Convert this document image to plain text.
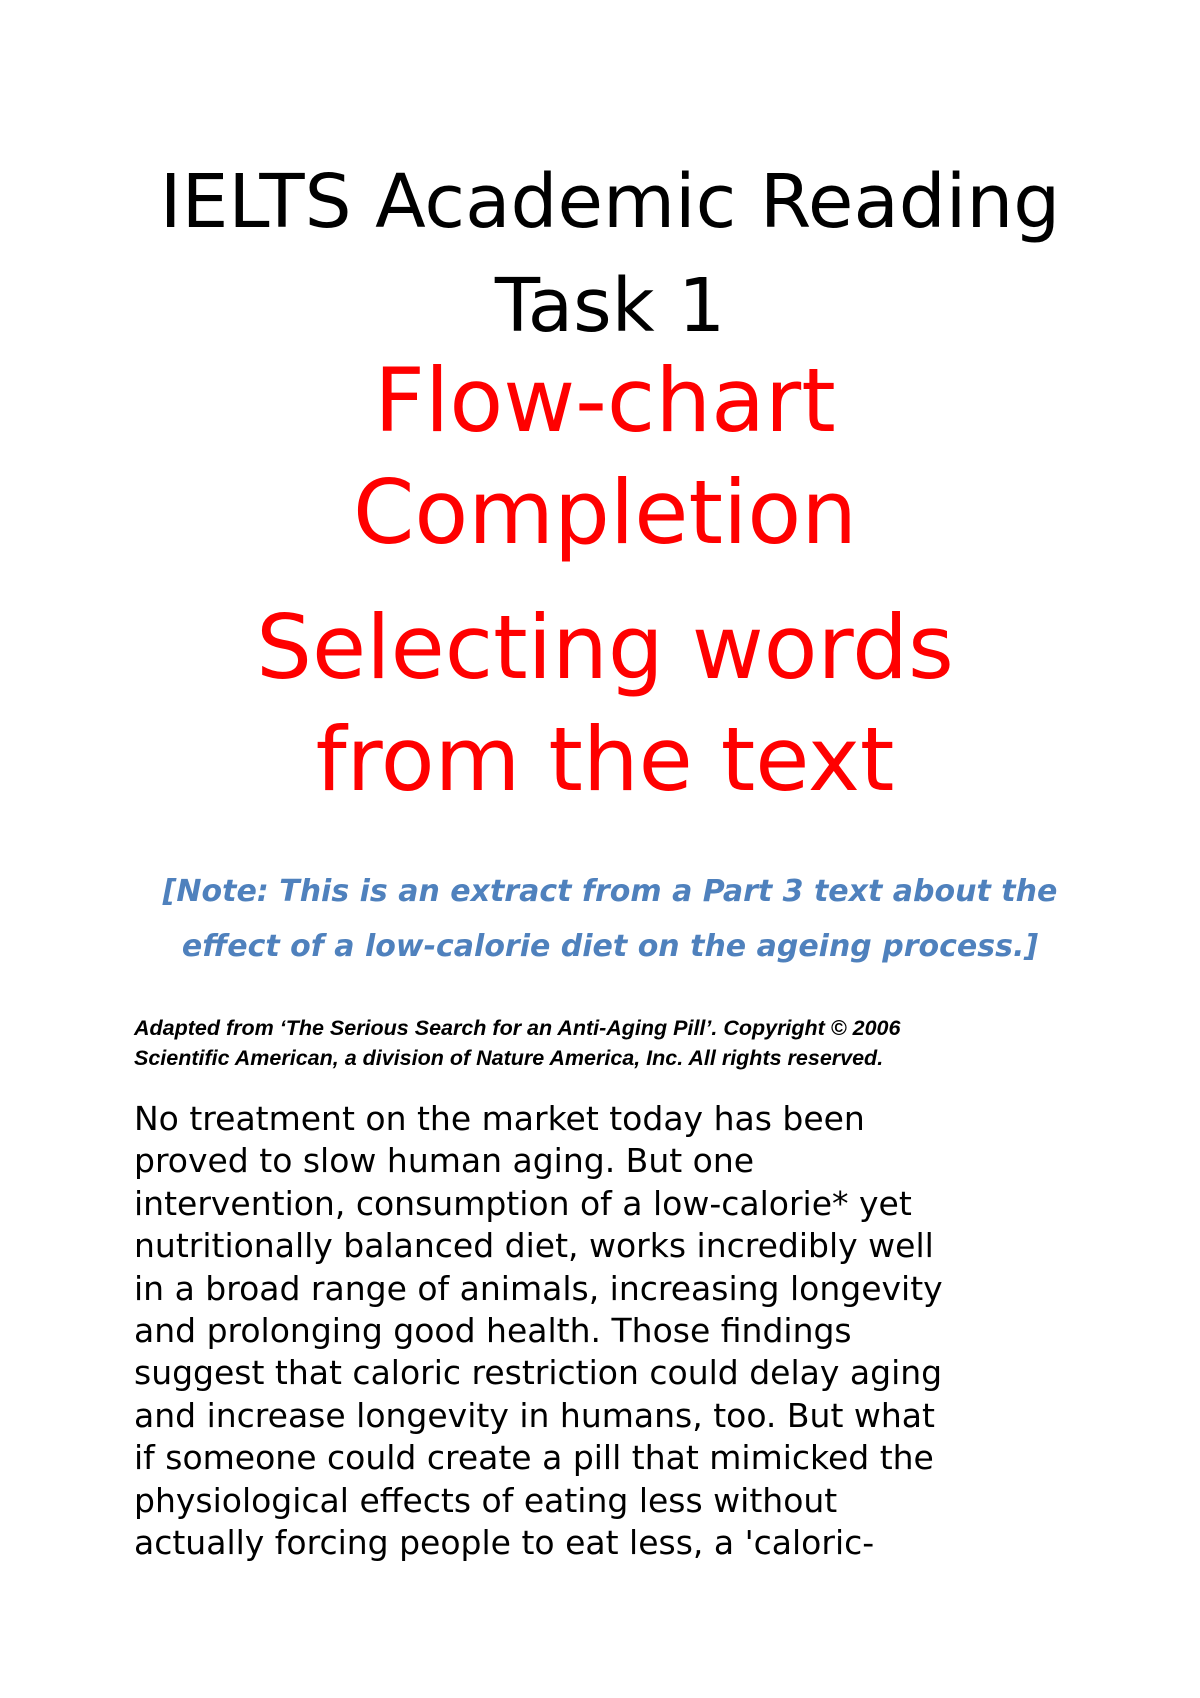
IELTS Academic Reading
Task 1
Flow-chart
Completion
Selecting words
from the text
[Note: This is an extract from a Part 3 text about the
effect of a low-calorie diet on the ageing process.]
Adapted from ‘The Serious Search for an Anti-Aging Pill’. Copyright © 2006
Scientific American, a division of Nature America, Inc. All rights reserved.
No treatment on the market today has been
proved to slow human aging. But one
intervention, consumption of a low-calorie* yet
nutritionally balanced diet, works incredibly well
in a broad range of animals, increasing longevity
and prolonging good health. Those findings
suggest that caloric restriction could delay aging
and increase longevity in humans, too. But what
if someone could create a pill that mimicked the
physiological effects of eating less without
actually forcing people to eat less, a 'caloric-
